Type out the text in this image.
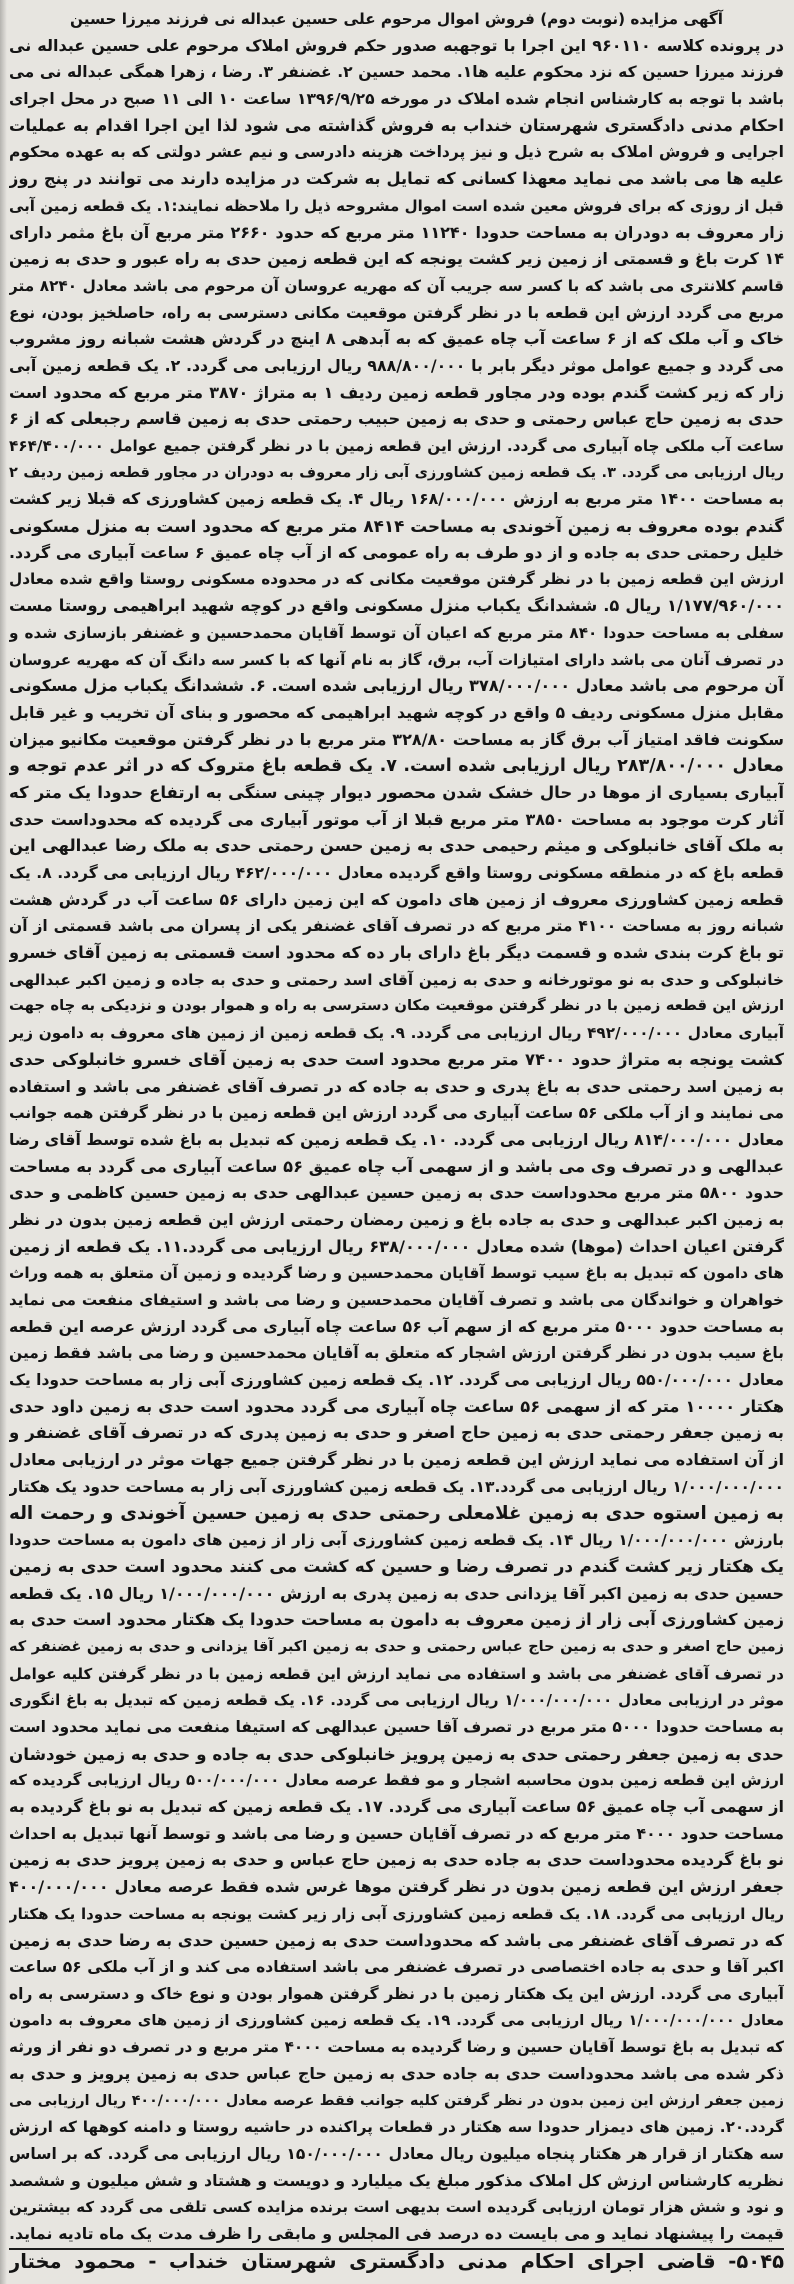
آگهی مزایده (نوبت دوم) فروش اموال مرحوم علی حسین عبداله نی فرزند میرزا حسین
در پرونده کلاسه ۹۶۰۱۱۰ این اجرا با توجهبه صدور حکم فروش املاک مرحوم علی حسین عبداله نی
فرزند میرزا حسین که نزد محکوم علیه ها۱. محمد حسین ۲. غضنفر ۳. رضا ، زهرا همگی عبداله نی می
باشد با توجه به کارشناس انجام شده املاک در مورخه ۱۳۹۶/۹/۲۵ ساعت ۱۰ الی ۱۱ صبح در محل اجرای
احکام مدنی دادگستری شهرستان خنداب به فروش گذاشته می شود لذا این اجرا اقدام به عملیات
اجرایی و فروش املاک به شرح ذیل و نیز پرداخت هزینه دادرسی و نیم عشر دولتی که به عهده محکوم
علیه ها می باشد می نماید معهذا کسانی که تمایل به شرکت در مزایده دارند می توانند در پنج روز
قبل از روزی که برای فروش معین شده است اموال مشروحه ذیل را ملاحظه نمایند:۱. یک قطعه زمین آبی
زار معروف به دودران به مساحت حدودا ۱۱۲۴۰ متر مربع که حدود ۲۶۶۰ متر مربع آن باغ مثمر دارای
۱۴ کرت باغ و قسمتی از زمین زیر کشت یونجه که این قطعه زمین حدی به راه عبور و حدی به زمین
قاسم کلانتری می باشد که با کسر سه جریب آن که مهریه عروسان آن مرحوم می باشد معادل ۸۲۴۰ متر
مربع می گردد ارزش این قطعه با در نظر گرفتن موقعیت مکانی دسترسی به راه، حاصلخیز بودن، نوع
خاک و آب ملک که از ۶ ساعت آب چاه عمیق که به آبدهی ۸ اینچ در گردش هشت شبانه روز مشروب
می گردد و جمیع عوامل موثر دیگر بابر با ۹۸۸/۸۰۰/۰۰۰ ریال ارزیابی می گردد. ۲. یک قطعه زمین آبی
زار که زیر کشت گندم بوده ودر مجاور قطعه زمین ردیف ۱ به متراژ ۳۸۷۰ متر مربع که محدود است
حدی به زمین حاج عباس رحمتی و حدی به زمین حبیب رحمتی حدی به زمین قاسم رجبعلی که از ۶
ساعت آب ملکی چاه آبیاری می گردد. ارزش این قطعه زمین با در نظر گرفتن جمیع عوامل ۴۶۴/۴۰۰/۰۰۰
ریال ارزیابی می گردد. ۳. یک قطعه زمین کشاورزی آبی زار معروف به دودران در مجاور قطعه زمین ردیف ۲
به مساحت ۱۴۰۰ متر مربع به ارزش ۱۶۸/۰۰۰/۰۰۰ ریال ۴. یک قطعه زمین کشاورزی که قبلا زیر کشت
گندم بوده معروف به زمین آخوندی به مساحت ۸۴۱۴ متر مربع که محدود است به منزل مسکونی
خلیل رحمتی حدی به جاده و از دو طرف به راه عمومی که از آب چاه عمیق ۶ ساعت آبیاری می گردد.
ارزش این قطعه زمین با در نظر گرفتن موقعیت مکانی که در محدوده مسکونی روستا واقع شده معادل
۱/۱۷۷/۹۶۰/۰۰۰ ریال ۵. ششدانگ یکباب منزل مسکونی واقع در کوچه شهید ابراهیمی روستا مست
سفلی به مساحت حدودا ۸۴۰ متر مربع که اعیان آن توسط آقایان محمدحسین و غضنفر بازسازی شده و
در تصرف آنان می باشد دارای امتیازات آب، برق، گاز به نام آنها که با کسر سه دانگ آن که مهریه عروسان
آن مرحوم می باشد معادل ۳۷۸/۰۰۰/۰۰۰ ریال ارزیابی شده است. ۶. ششدانگ یکباب مزل مسکونی
مقابل منزل مسکونی ردیف ۵ واقع در کوچه شهید ابراهیمی که محصور و بنای آن تخریب و غیر قابل
سکونت فاقد امتیاز آب برق گاز به مساحت ۳۲۸/۸۰ متر مربع با در نظر گرفتن موقعیت مکانیو میزان
معادل ۲۸۳/۸۰۰/۰۰۰ ریال ارزیابی شده است. ۷. یک قطعه باغ متروک که در اثر عدم توجه و
آبیاری بسیاری از موها در حال خشک شدن محصور دیوار چینی سنگی به ارتفاع حدودا یک متر که
آثار کرت موجود به مساحت ۳۸۵۰ متر مربع قبلا از آب موتور آبیاری می گردیده که محدوداست حدی
به ملک آقای خانبلوکی و میثم رحیمی حدی به زمین حسن رحمتی حدی به ملک رضا عبدالهی این
قطعه باغ که در منطقه مسکونی روستا واقع گردیده معادل ۴۶۲/۰۰۰/۰۰۰ ریال ارزیابی می گردد. ۸. یک
قطعه زمین کشاورزی معروف از زمین های دامون که این زمین دارای ۵۶ ساعت آب در گردش هشت
شبانه روز به مساحت ۴۱۰۰ متر مربع که در تصرف آقای غضنفر یکی از پسران می باشد قسمتی از آن
تو باغ کرت بندی شده و قسمت دیگر باغ دارای بار ده که محدود است قسمتی به زمین آقای خسرو
خانبلوکی و حدی به نو موتورخانه و حدی به زمین آقای اسد رحمتی و حدی به جاده و زمین اکبر عبدالهی
ارزش این قطعه زمین با در نظر گرفتن موقعیت مکان دسترسی به راه و هموار بودن و نزدیکی به چاه جهت
آبیاری معادل ۴۹۲/۰۰۰/۰۰۰ ریال ارزیابی می گردد. ۹. یک قطعه زمین از زمین های معروف به دامون زیر
کشت یونجه به متراژ حدود ۷۴۰۰ متر مربع محدود است حدی به زمین آقای خسرو خانبلوکی حدی
به زمین اسد رحمتی حدی به باغ پدری و حدی به جاده که در تصرف آقای غضنفر می باشد و استفاده
می نمایند و از آب ملکی ۵۶ ساعت آبیاری می گردد ارزش این قطعه زمین با در نظر گرفتن همه جوانب
معادل ۸۱۴/۰۰۰/۰۰۰ ریال ارزیابی می گردد. ۱۰. یک قطعه زمین که تبدیل به باغ شده توسط آقای رضا
عبدالهی و در تصرف وی می باشد و از سهمی آب چاه عمیق ۵۶ ساعت آبیاری می گردد به مساحت
حدود ۵۸۰۰ متر مربع محدوداست حدی به زمین حسین عبدالهی حدی به زمین حسین کاظمی و حدی
به زمین اکبر عبدالهی و حدی به جاده باغ و زمین رمضان رحمتی ارزش این قطعه زمین بدون در نظر
گرفتن اعیان احداث (موها) شده معادل ۶۳۸/۰۰۰/۰۰۰ ریال ارزیابی می گردد.۱۱. یک قطعه از زمین
های دامون که تبدیل به باغ سیب توسط آقایان محمدحسین و رضا گردیده و زمین آن متعلق به همه وراث
خواهران و خواندگان می باشد و تصرف آقایان محمدحسین و رضا می باشد و استیفای منفعت می نماید
به مساحت حدود ۵۰۰۰ متر مربع که از سهم آب ۵۶ ساعت چاه آبیاری می گردد ارزش عرصه این قطعه
باغ سیب بدون در نظر گرفتن ارزش اشجار که متعلق به آقایان محمدحسین و رضا می باشد فقط زمین
معادل ۵۵۰/۰۰۰/۰۰۰ ریال ارزیابی می گردد. ۱۲. یک قطعه زمین کشاورزی آبی زار به مساحت حدودا یک
هکتار ۱۰۰۰۰ متر که از سهمی ۵۶ ساعت چاه آبیاری می گردد محدود است حدی به زمین داود حدی
به زمین جعفر رحمتی حدی به زمین حاج اصغر و حدی به زمین پدری که در تصرف آقای غضنفر و
از آن استفاده می نماید ارزش این قطعه زمین با در نظر گرفتن جمیع جهات موثر در ارزیابی معادل
۱/۰۰۰/۰۰۰/۰۰۰ ریال ارزیابی می گردد.۱۳. یک قطعه زمین کشاورزی آبی زار به مساحت حدود یک هکتار
به زمین استوه حدی به زمین غلامعلی رحمتی حدی به زمین حسین آخوندی و رحمت اله
بارزش ۱/۰۰۰/۰۰۰/۰۰۰ ریال ۱۴. یک قطعه زمین کشاورزی آبی زار از زمین های دامون به مساحت حدودا
یک هکتار زیر کشت گندم در تصرف رضا و حسین که کشت می کنند محدود است حدی به زمین
حسین حدی به زمین اکبر آقا یزدانی حدی به زمین پدری به ارزش ۱/۰۰۰/۰۰۰/۰۰۰ ریال ۱۵. یک قطعه
زمین کشاورزی آبی زار از زمین معروف به دامون به مساحت حدودا یک هکتار محدود است حدی به
زمین حاج اصغر و حدی به زمین حاج عباس رحمتی و حدی به زمین اکبر آقا یزدانی و حدی به زمین غضنفر که
در تصرف آقای غضنفر می باشد و استفاده می نماید ارزش این قطعه زمین با در نظر گرفتن کلیه عوامل
موثر در ارزیابی معادل ۱/۰۰۰/۰۰۰/۰۰۰ ریال ارزیابی می گردد. ۱۶. یک قطعه زمین که تبدیل به باغ انگوری
به مساحت حدودا ۵۰۰۰ متر مربع در تصرف آقا حسین عبدالهی که استیفا منفعت می نماید محدود است
حدی به زمین جعفر رحمتی حدی به زمین پرویز خانبلوکی حدی به جاده و حدی به زمین خودشان
ارزش این قطعه زمین بدون محاسبه اشجار و مو فقط عرصه معادل ۵۰۰/۰۰۰/۰۰۰ ریال ارزیابی گردیده که
از سهمی آب چاه عمیق ۵۶ ساعت آبیاری می گردد. ۱۷. یک قطعه زمین که تبدیل به نو باغ گردیده به
مساحت حدود ۴۰۰۰ متر مربع که در تصرف آقایان حسین و رضا می باشد و توسط آنها تبدیل به احداث
نو باغ گردیده محدوداست حدی به جاده حدی به زمین حاج عباس و حدی به زمین پرویز حدی به زمین
جعفر ارزش این قطعه زمین بدون در نظر گرفتن موها غرس شده فقط عرصه معادل ۴۰۰/۰۰۰/۰۰۰
ریال ارزیابی می گردد. ۱۸. یک قطعه زمین کشاورزی آبی زار زیر کشت یونجه به مساحت حدودا یک هکتار
که در تصرف آقای غضنفر می باشد که محدوداست حدی به زمین حسین حدی به رضا حدی به زمین
اکبر آقا و حدی به جاده اختصاصی در تصرف غضنفر می باشد استفاده می کند و از آب ملکی ۵۶ ساعت
آبیاری می گردد. ارزش این یک هکتار زمین با در نظر گرفتن هموار بودن و نوع خاک و دسترسی به راه
معادل ۱/۰۰۰/۰۰۰/۰۰۰ ریال ارزیابی می گردد. ۱۹. یک قطعه زمین کشاورزی از زمین های معروف به دامون
که تبدیل به باغ توسط آقایان حسین و رضا گردیده به مساحت ۴۰۰۰ متر مربع و در تصرف دو نفر از ورثه
ذکر شده می باشد محدوداست حدی به جاده حدی به زمین حاج عباس حدی به زمین پرویز و حدی به
زمین جعفر ارزش این زمین بدون در نظر گرفتن کلیه جوانب فقط عرصه معادل ۴۰۰/۰۰۰/۰۰۰ ریال ارزیابی می
گردد.۲۰. زمین های دیمزار حدودا سه هکتار در قطعات پراکنده در حاشیه روستا و دامنه کوهها که ارزش
سه هکتار از قرار هر هکتار پنجاه میلیون ریال معادل ۱۵۰/۰۰۰/۰۰۰ ریال ارزیابی می گردد. که بر اساس
نظریه کارشناس ارزش کل املاک مذکور مبلغ یک میلیارد و دویست و هشتاد و شش میلیون و ششصد
و نود و شش هزار تومان ارزیابی گردیده است بدیهی است برنده مزایده کسی تلقی می گردد که بیشترین
قیمت را پیشنهاد نماید و می بایست ده درصد فی المجلس و مابقی را ظرف مدت یک ماه تادیه نماید.
۵۰۴۵- قاضی اجرای احکام مدنی دادگستری شهرستان خنداب - محمود مختار
